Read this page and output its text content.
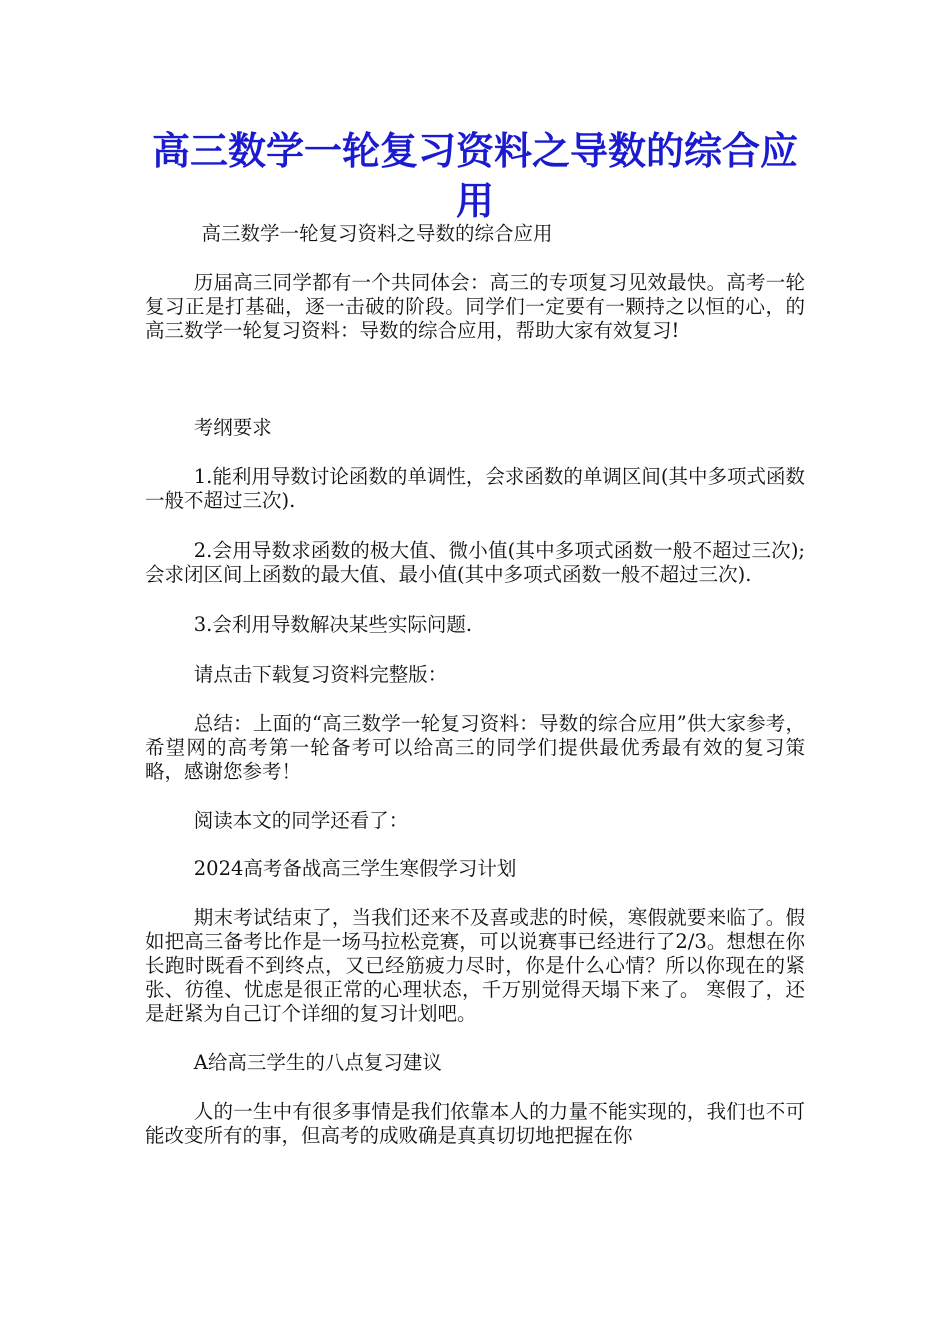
高三数学一轮复习资料之导数的综合应用

高三数学一轮复习资料之导数的综合应用

历届高三同学都有一个共同体会：高三的专项复习见效最快。高考一轮复习正是打基础，逐一击破的阶段。同学们一定要有一颗持之以恒的心，的高三数学一轮复习资料：导数的综合应用，帮助大家有效复习!

考纲要求

1.能利用导数讨论函数的单调性，会求函数的单调区间(其中多项式函数一般不超过三次).

2.会用导数求函数的极大值、微小值(其中多项式函数一般不超过三次);会求闭区间上函数的最大值、最小值(其中多项式函数一般不超过三次).

3.会利用导数解决某些实际问题.

请点击下载复习资料完整版：

总结：上面的“高三数学一轮复习资料：导数的综合应用”供大家参考，希望网的高考第一轮备考可以给高三的同学们提供最优秀最有效的复习策略，感谢您参考！

阅读本文的同学还看了：

2024高考备战高三学生寒假学习计划

期末考试结束了，当我们还来不及喜或悲的时候，寒假就要来临了。假如把高三备考比作是一场马拉松竞赛，可以说赛事已经进行了2/3。想想在你长跑时既看不到终点，又已经筋疲力尽时，你是什么心情？所以你现在的紧张、彷徨、忧虑是很正常的心理状态，千万别觉得天塌下来了。 寒假了，还是赶紧为自己订个详细的复习计划吧。

A给高三学生的八点复习建议

人的一生中有很多事情是我们依靠本人的力量不能实现的，我们也不可能改变所有的事，但高考的成败确是真真切切地把握在你
